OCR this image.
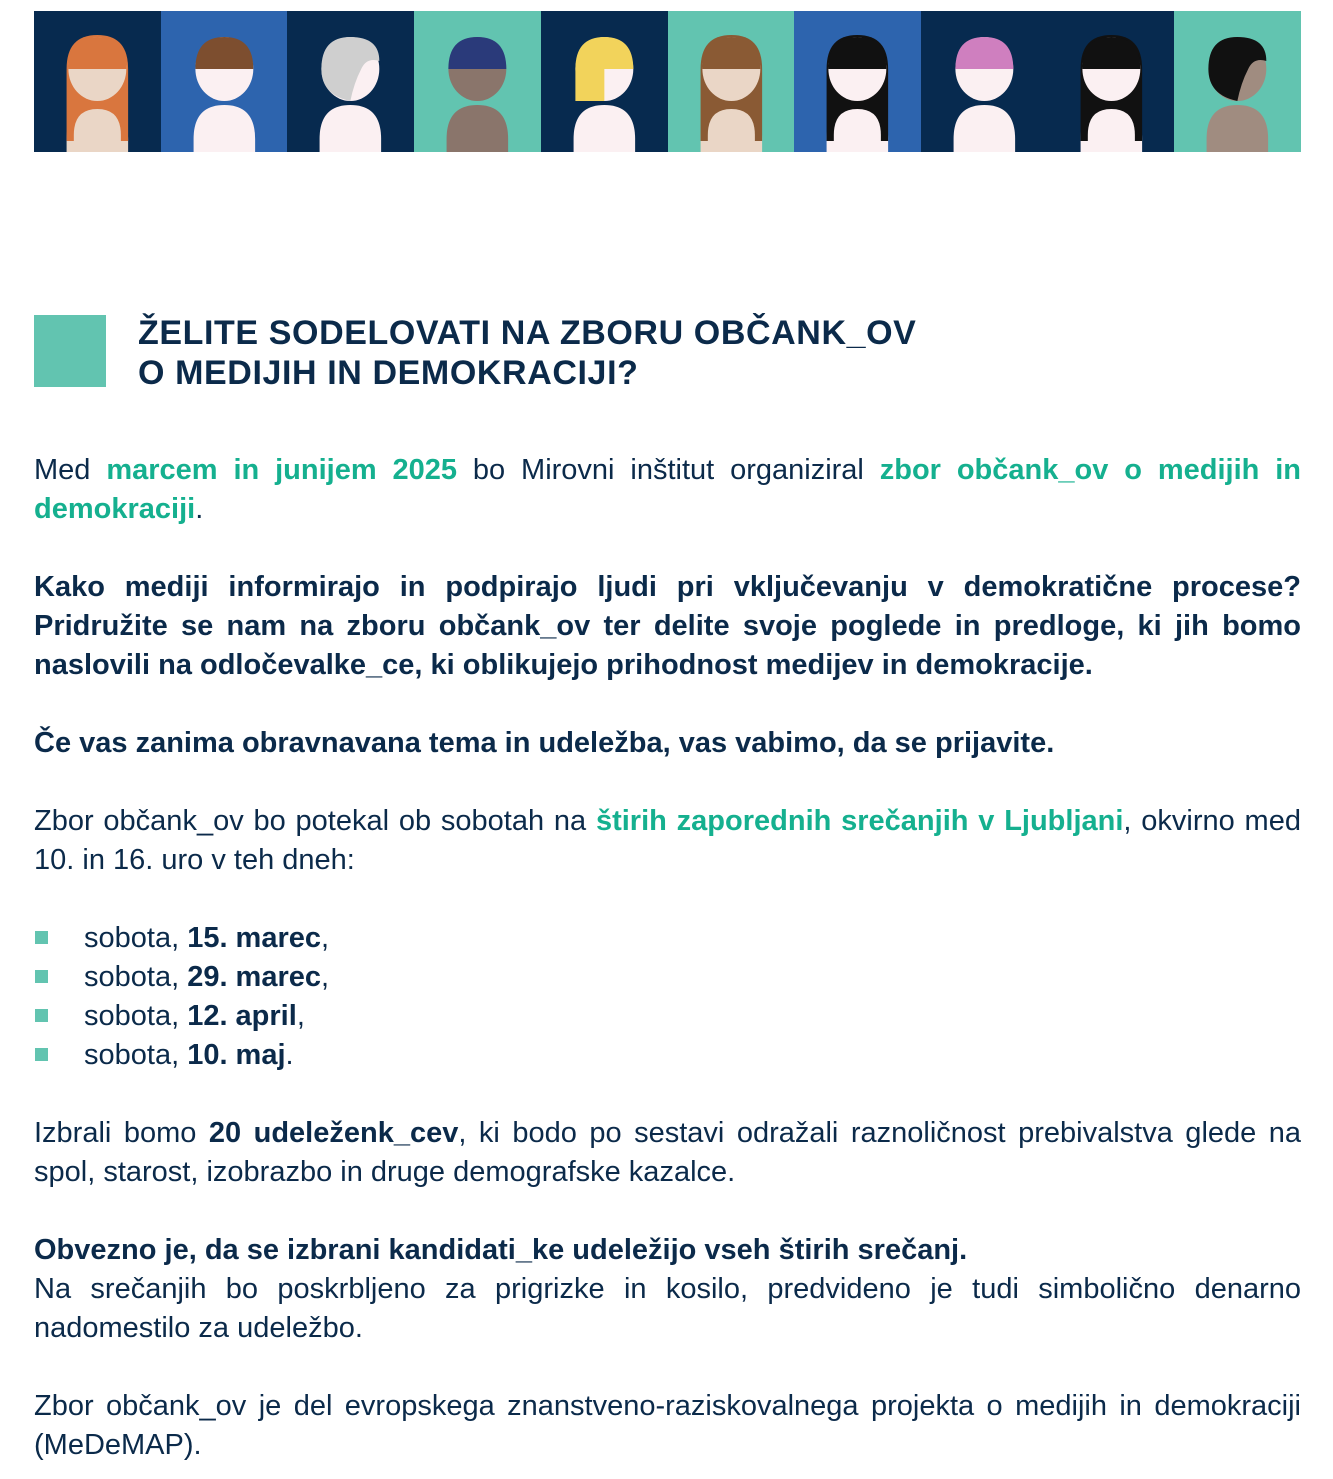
ŽELITE SODELOVATI NA ZBORU OBČANK_OV
O MEDIJIH IN DEMOKRACIJI?

Med marcem in junijem 2025 bo Mirovni inštitut organiziral zbor občank_ov o medijih in demokraciji.

Kako mediji informirajo in podpirajo ljudi pri vključevanju v demokratične procese? Pridružite se nam na zboru občank_ov ter delite svoje poglede in predloge, ki jih bomo naslovili na odločevalke_ce, ki oblikujejo prihodnost medijev in demokracije.

Če vas zanima obravnavana tema in udeležba, vas vabimo, da se prijavite.

Zbor občank_ov bo potekal ob sobotah na štirih zaporednih srečanjih v Ljubljani, okvirno med 10. in 16. uro v teh dneh:

sobota, 15. marec,
sobota, 29. marec,
sobota, 12. april,
sobota, 10. maj.

Izbrali bomo 20 udeleženk_cev, ki bodo po sestavi odražali raznoličnost prebivalstva glede na spol, starost, izobrazbo in druge demografske kazalce.

Obvezno je, da se izbrani kandidati_ke udeležijo vseh štirih srečanj.
Na srečanjih bo poskrbljeno za prigrizke in kosilo, predvideno je tudi simbolično denarno nadomestilo za udeležbo.

Zbor občank_ov je del evropskega znanstveno-raziskovalnega projekta o medijih in demokraciji (MeDeMAP).
